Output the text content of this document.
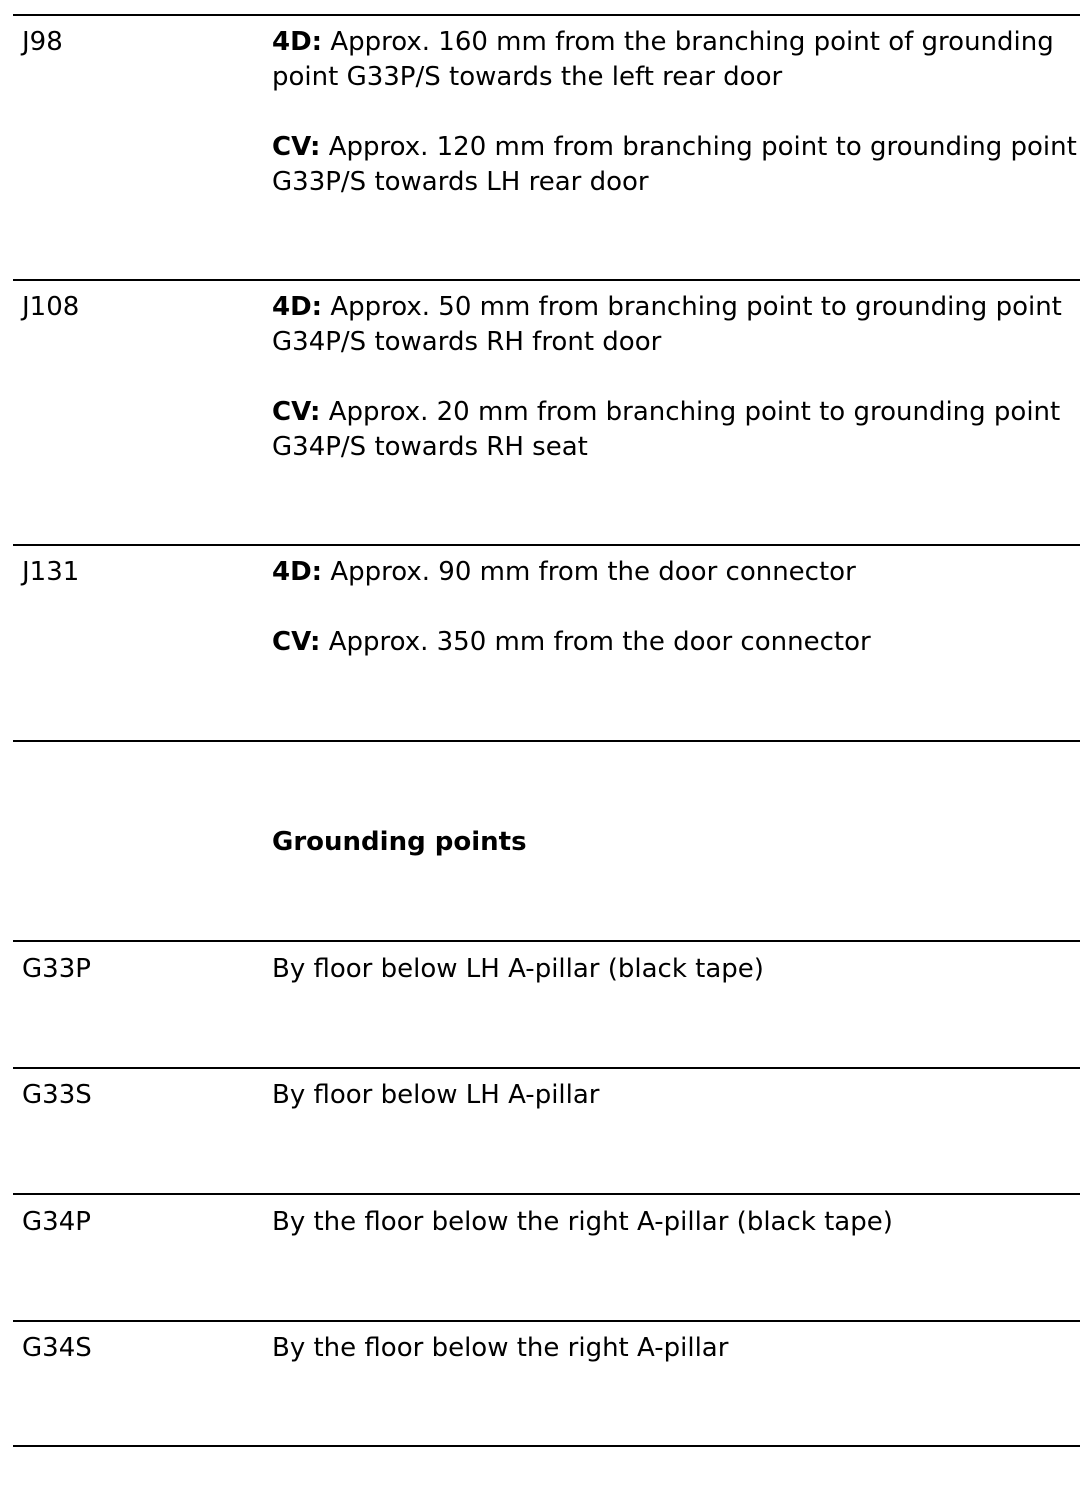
J98	4D: Approx. 160 mm from the branching point of grounding point G33P/S towards the left rear door

CV: Approx. 120 mm from branching point to grounding point G33P/S towards LH rear door

J108	4D: Approx. 50 mm from branching point to grounding point G34P/S towards RH front door

CV: Approx. 20 mm from branching point to grounding point G34P/S towards RH seat

J131	4D: Approx. 90 mm from the door connector

CV: Approx. 350 mm from the door connector

Grounding points
G33P	By floor below LH A-pillar (black tape)
G33S	By floor below LH A-pillar
G34P	By the floor below the right A-pillar (black tape)
G34S	By the floor below the right A-pillar
